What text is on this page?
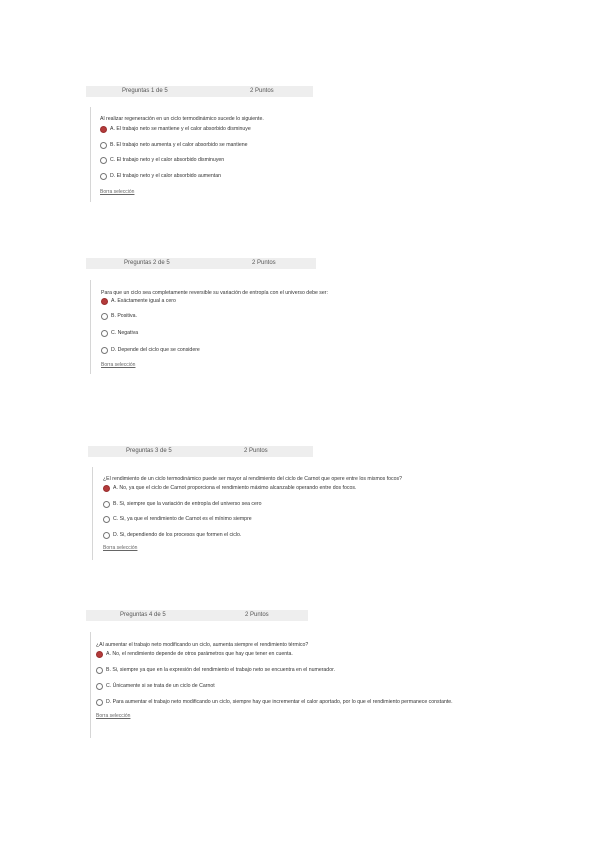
Preguntas 1 de 5	2 Puntos
Al realizar regeneración en un ciclo termodinámico sucede lo siguiente.
A. El trabajo neto se mantiene y el calor absorbido disminuye
B. El trabajo neto aumenta y el calor absorbido se mantiene
C. El trabajo neto y el calor absorbido disminuyen
D. El trabajo neto y el calor absorbido aumentan
Borra selección
Preguntas 2 de 5	2 Puntos
Para que un ciclo sea completamente reversible su variación de entropía con el universo debe ser:
A. Exáctamente igual a cero
B. Positiva.
C. Negativa
D. Depende del ciclo que se considere
Borra selección
Preguntas 3 de 5	2 Puntos
¿El rendimiento de un ciclo termodinámico puede ser mayor al rendimiento del ciclo de Carnot que opere entre los mismos focos?
A. No, ya que el ciclo de Carnot proporciona el rendimiento máximo alcanzable operando entre dos focos.
B. Si, siempre que la variación de entropía del universo sea cero
C. Si, ya que el rendimiento de Carnot es el mínimo siempre
D. Si, dependiendo de los procesos que formen el ciclo.
Borra selección
Preguntas 4 de 5	2 Puntos
¿Al aumentar el trabajo neto modificando un ciclo, aumenta siempre el rendimiento térmico?
A. No, el rendimiento depende de otros parámetros que hay que tener en cuenta.
B. Si, siempre ya que en la expresión del rendimiento el trabajo neto se encuentra en el numerador.
C. Únicamente si se trata de un ciclo de Carnot
D. Para aumentar el trabajo neto modificando un ciclo, siempre hay que incrementar el calor aportado, por lo que el rendimiento permanece constante.
Borra selección
